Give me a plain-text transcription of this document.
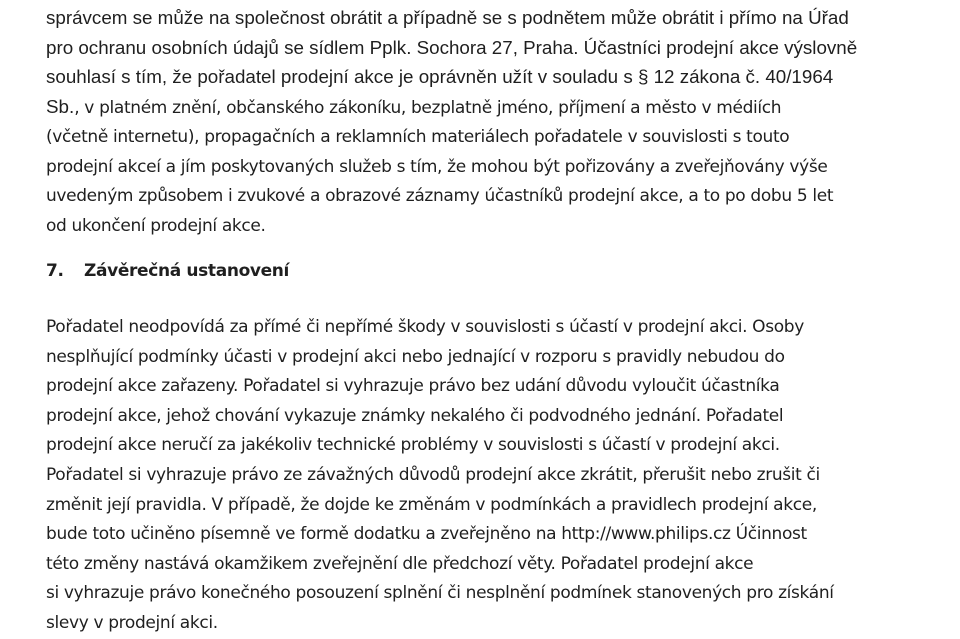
správcem se může na společnost obrátit a případně se s podnětem může obrátit i přímo na Úřad
pro ochranu osobních údajů se sídlem Pplk. Sochora 27, Praha. Účastníci prodejní akce výslovně
souhlasí s tím, že pořadatel prodejní akce je oprávněn užít v souladu s § 12 zákona č. 40/1964
Sb., v platném znění, občanského zákoníku, bezplatně jméno, příjmení a město v médiích
(včetně internetu), propagačních a reklamních materiálech pořadatele v souvislosti s touto
prodejní akceí a jím poskytovaných služeb s tím, že mohou být pořizovány a zveřejňovány výše
uvedeným způsobem i zvukové a obrazové záznamy účastníků prodejní akce, a to po dobu 5 let
od ukončení prodejní akce.
7. Závěrečná ustanovení
Pořadatel neodpovídá za přímé či nepřímé škody v souvislosti s účastí v prodejní akci. Osoby
nesplňující podmínky účasti v prodejní akci nebo jednající v rozporu s pravidly nebudou do
prodejní akce zařazeny. Pořadatel si vyhrazuje právo bez udání důvodu vyloučit účastníka
prodejní akce, jehož chování vykazuje známky nekalého či podvodného jednání. Pořadatel
prodejní akce neručí za jakékoliv technické problémy v souvislosti s účastí v prodejní akci.
Pořadatel si vyhrazuje právo ze závažných důvodů prodejní akce zkrátit, přerušit nebo zrušit či
změnit její pravidla. V případě, že dojde ke změnám v podmínkách a pravidlech prodejní akce,
bude toto učiněno písemně ve formě dodatku a zveřejněno na http://www.philips.cz Účinnost
této změny nastává okamžikem zveřejnění dle předchozí věty. Pořadatel prodejní akce
si vyhrazuje právo konečného posouzení splnění či nesplnění podmínek stanovených pro získání
slevy v prodejní akci.
